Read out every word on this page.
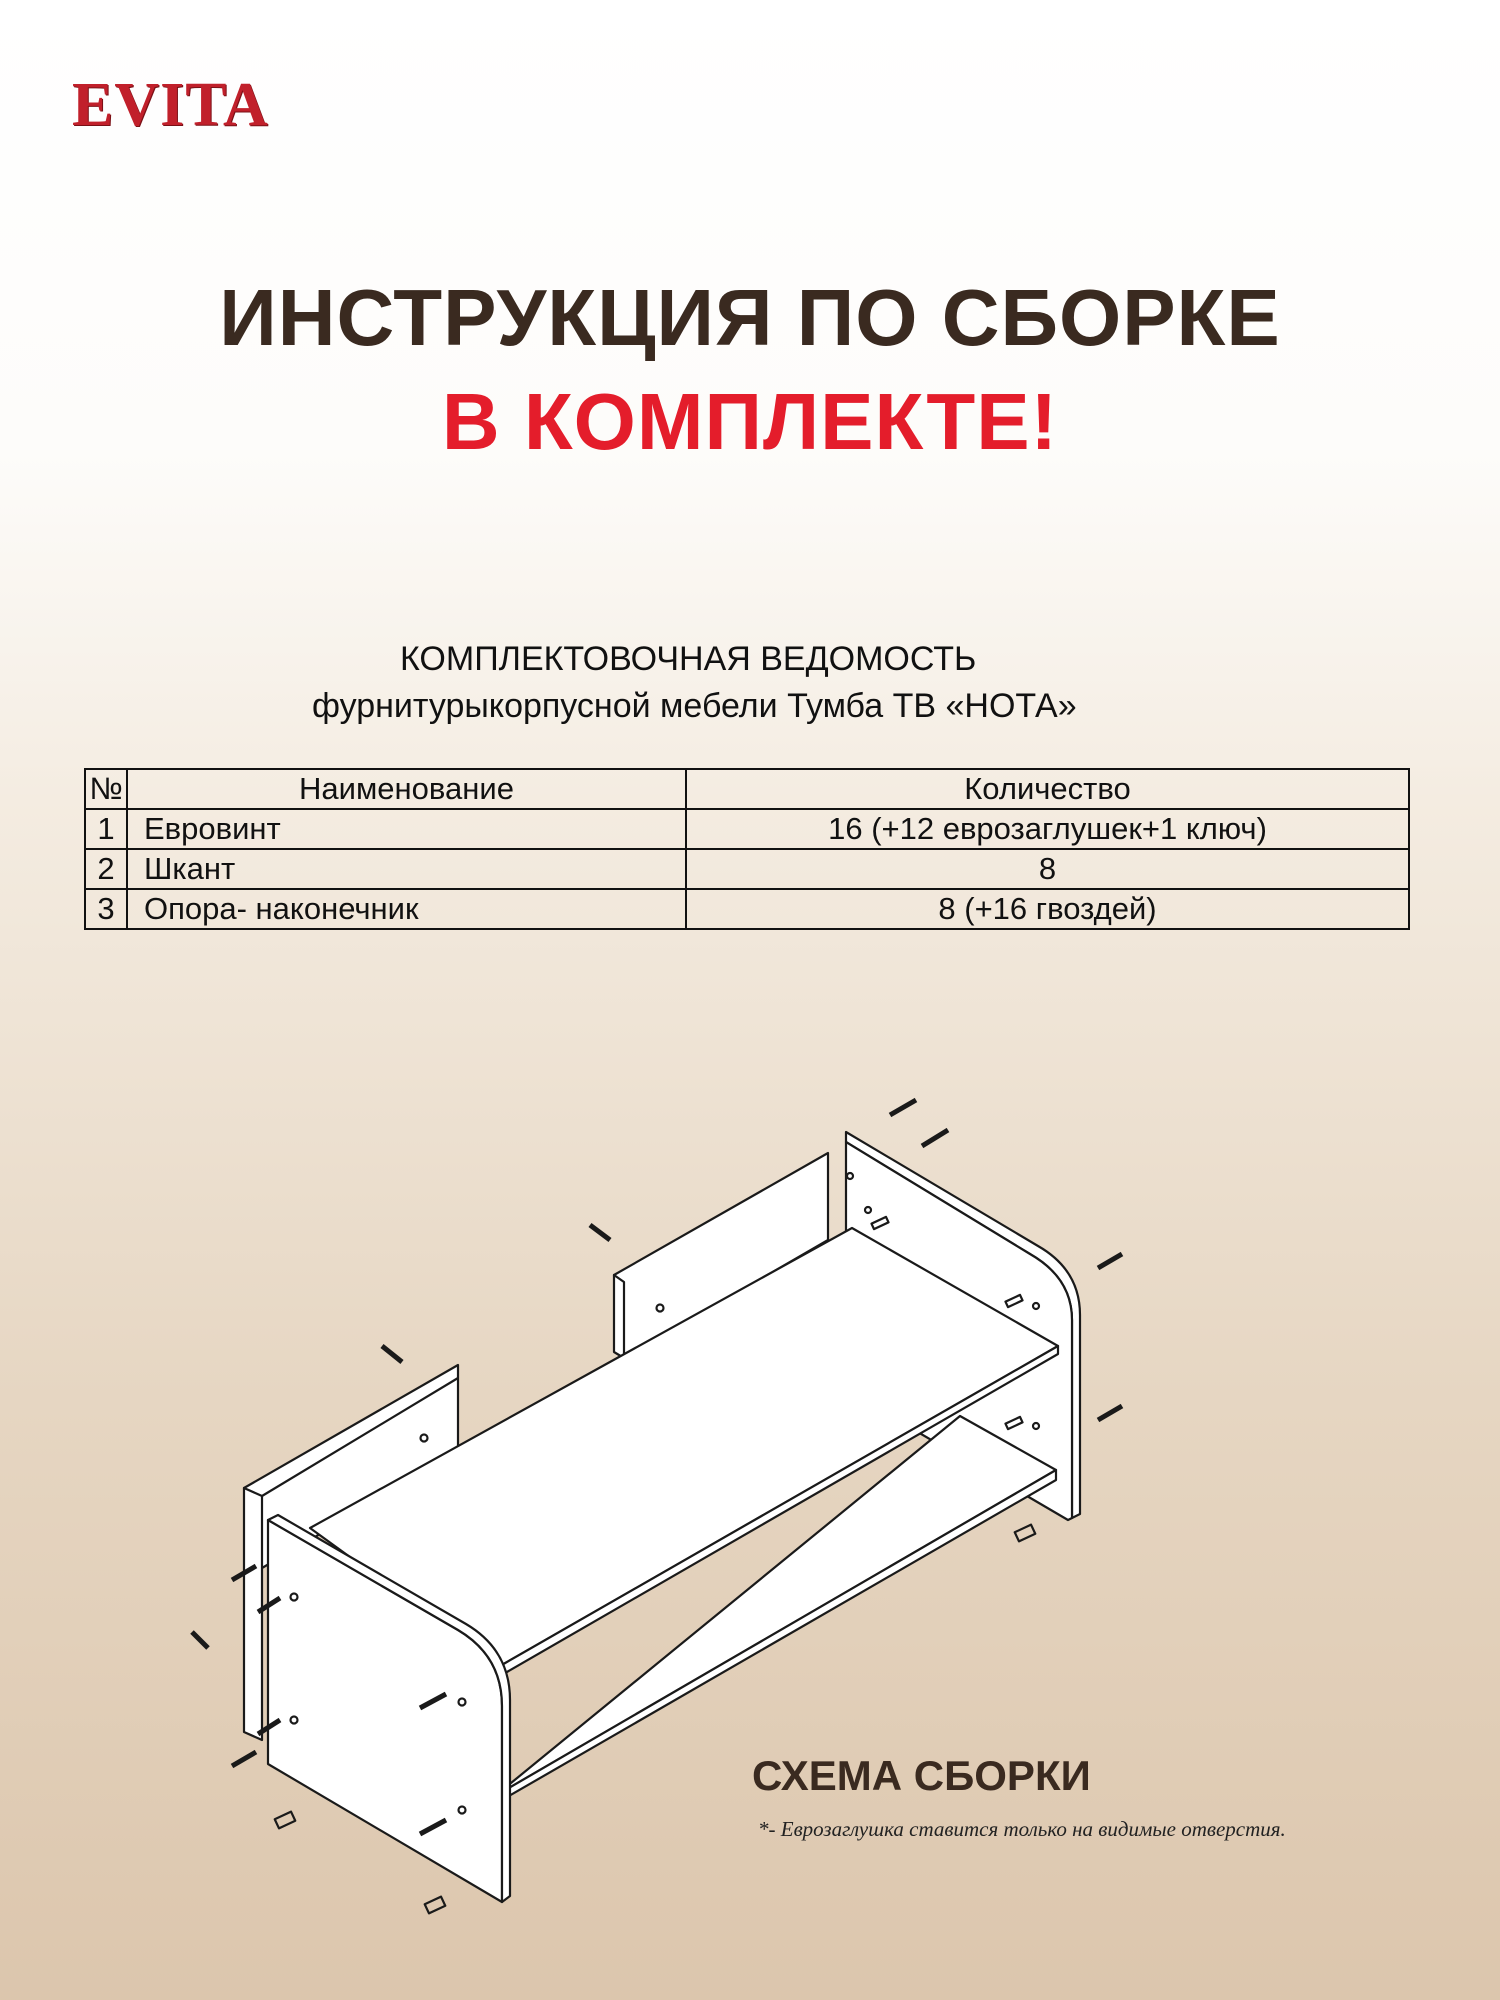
EVITA
ИНСТРУКЦИЯ ПО СБОРКЕ
В КОМПЛЕКТЕ!
КОМПЛЕКТОВОЧНАЯ ВЕДОМОСТЬ
фурнитурыкорпусной мебели Тумба ТВ «НОТА»
№	Наименование	Количество
1	Евровинт	16 (+12 еврозаглушек+1 ключ)
2	Шкант	8
3	Опора- наконечник	8 (+16 гвоздей)
СХЕМА СБОРКИ
*- Еврозаглушка ставится только на видимые отверстия.
